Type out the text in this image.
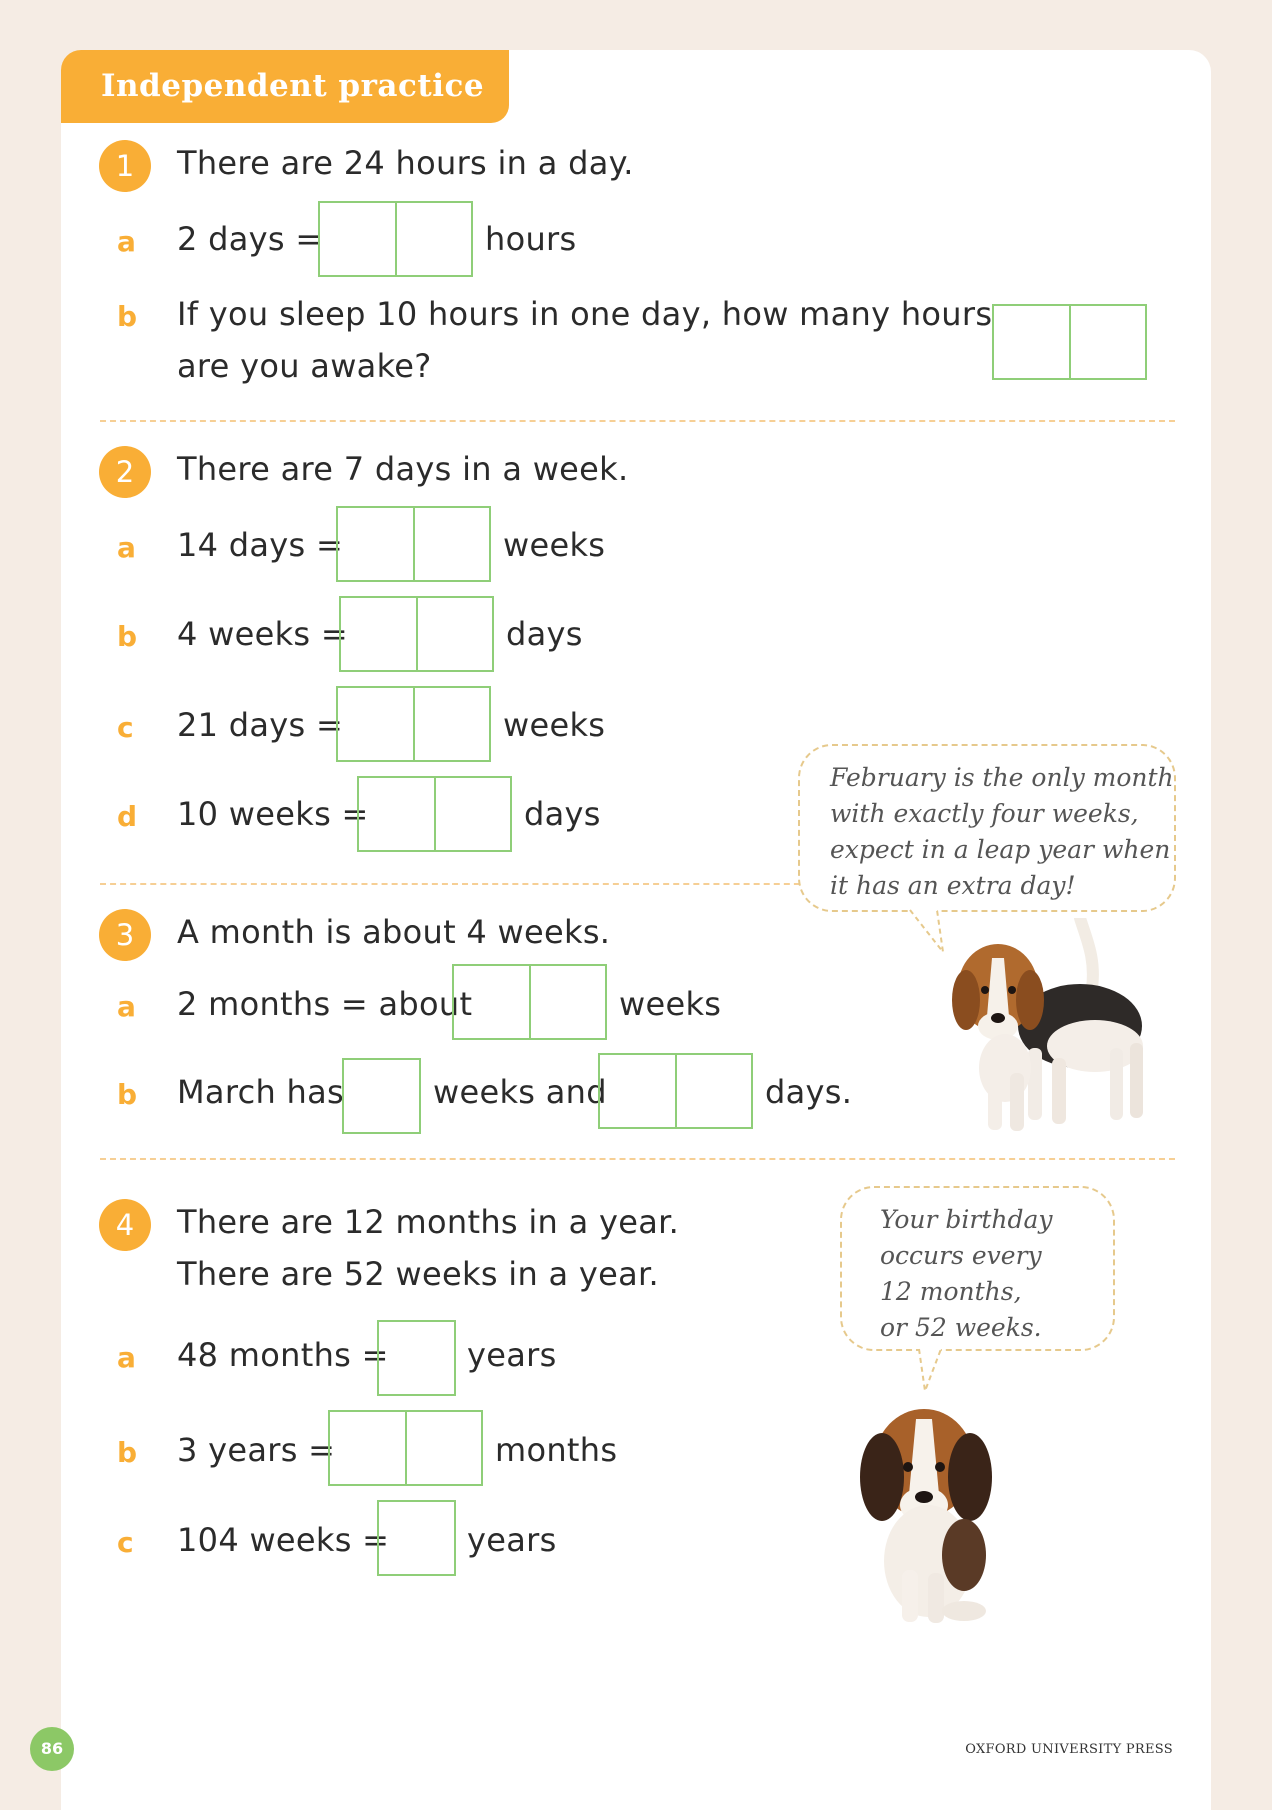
Independent practice
1	There are 24 hours in a day.
a 2 days =	hours
b If you sleep 10 hours in one day, how many hours
are you awake?
2	There are 7 days in a week.
a 14 days =	weeks
b 4 weeks =	days
c 21 days =	weeks
d 10 weeks =	days
February is the only month
with exactly four weeks,
expect in a leap year when
it has an extra day!
3	A month is about 4 weeks.
a 2 months = about	weeks
b March has	weeks and	days.
4	There are 12 months in a year.
There are 52 weeks in a year.
a 48 months = years
b 3 years =	months
c 104 weeks = years
Your birthday
occurs every
12 months,
or 52 weeks.
86	OXFORD UNIVERSITY PRESS
